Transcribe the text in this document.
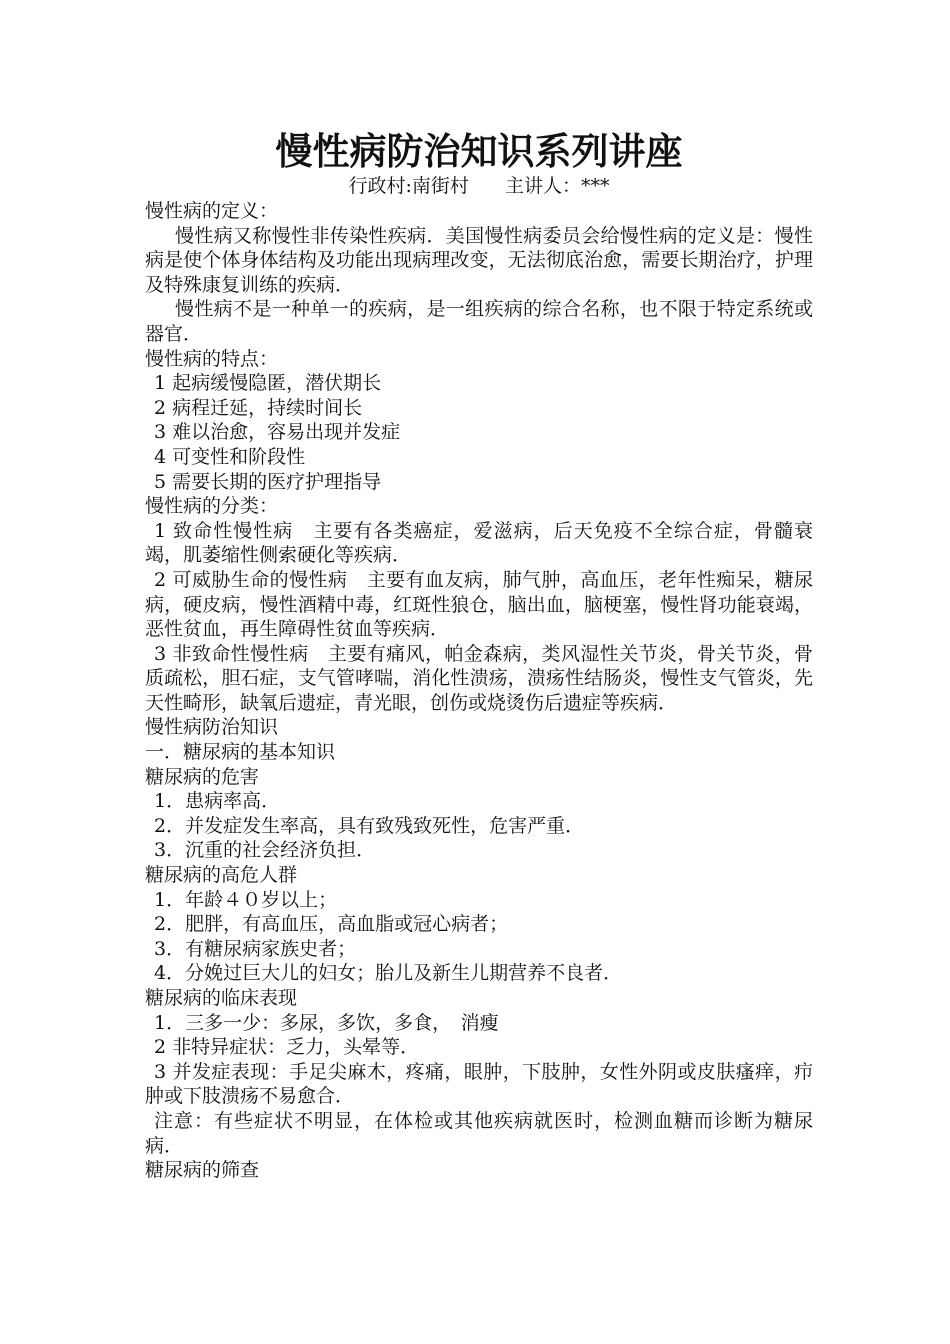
慢性病防治知识系列讲座
行政村:南街村 主讲人：***

慢性病的定义：

慢性病又称慢性非传染性疾病．美国慢性病委员会给慢性病的定义是：慢性病是使个体身体结构及功能出现病理改变，无法彻底治愈，需要长期治疗，护理及特殊康复训练的疾病．

慢性病不是一种单一的疾病，是一组疾病的综合名称，也不限于特定系统或器官．

慢性病的特点：

1 起病缓慢隐匿，潜伏期长

2 病程迁延，持续时间长

3 难以治愈，容易出现并发症

4 可变性和阶段性

5 需要长期的医疗护理指导

慢性病的分类：

1 致命性慢性病　主要有各类癌症，爱滋病，后天免疫不全综合症，骨髓衰竭，肌萎缩性侧索硬化等疾病．

2 可威胁生命的慢性病　主要有血友病，肺气肿，高血压，老年性痴呆，糖尿病，硬皮病，慢性酒精中毒，红斑性狼仓，脑出血，脑梗塞，慢性肾功能衰竭，恶性贫血，再生障碍性贫血等疾病．

3 非致命性慢性病　主要有痛风，帕金森病，类风湿性关节炎，骨关节炎，骨质疏松，胆石症，支气管哮喘，消化性溃疡，溃疡性结肠炎，慢性支气管炎，先天性畸形，缺氧后遗症，青光眼，创伤或烧烫伤后遗症等疾病．

慢性病防治知识

一．糖尿病的基本知识

糖尿病的危害

1．患病率高．

2．并发症发生率高，具有致残致死性，危害严重．

3．沉重的社会经济负担．

糖尿病的高危人群

1．年龄４０岁以上；

2．肥胖，有高血压，高血脂或冠心病者；

3．有糖尿病家族史者；

4．分娩过巨大儿的妇女；胎儿及新生儿期营养不良者．

糖尿病的临床表现

1．三多一少：多尿，多饮，多食，　消瘦

2 非特异症状：乏力，头晕等．

3 并发症表现：手足尖麻木，疼痛，眼肿，下肢肿，女性外阴或皮肤瘙痒，疖肿或下肢溃疡不易愈合．

注意：有些症状不明显，在体检或其他疾病就医时，检测血糖而诊断为糖尿病．

糖尿病的筛查
